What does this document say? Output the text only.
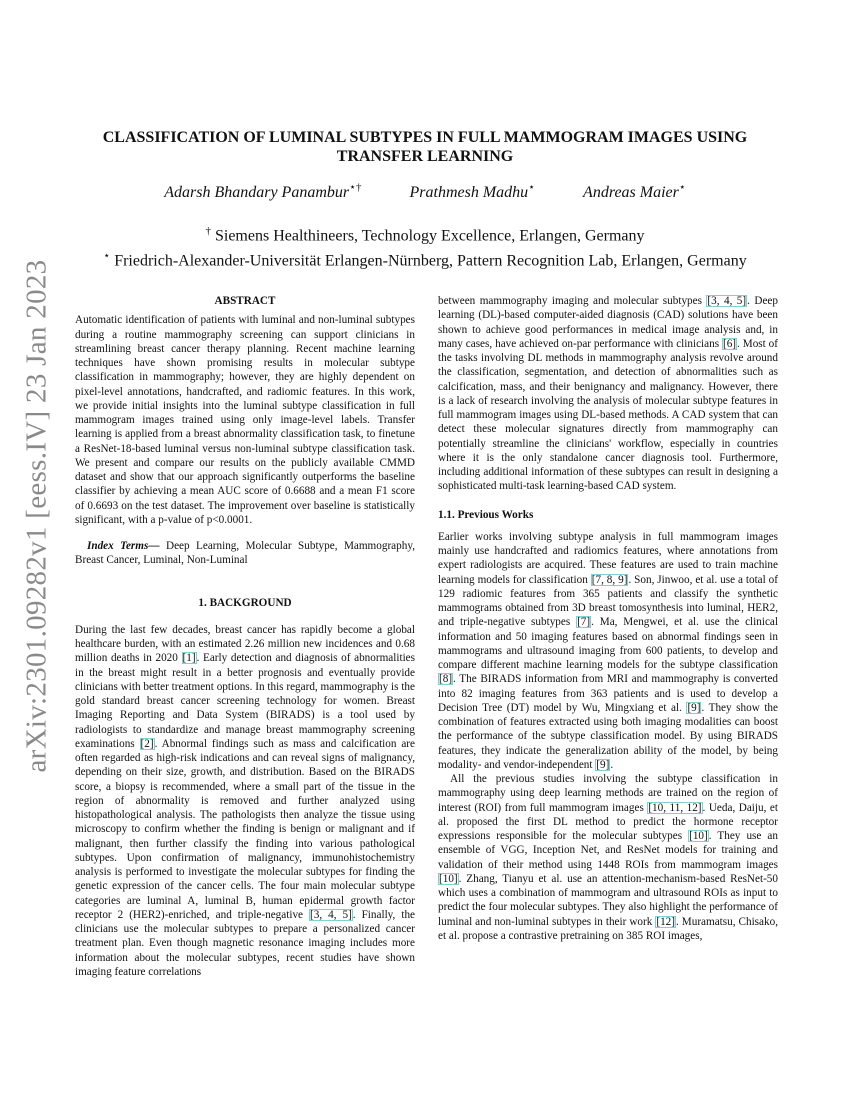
arXiv:2301.09282v1 [eess.IV] 23 Jan 2023
CLASSIFICATION OF LUMINAL SUBTYPES IN FULL MAMMOGRAM IMAGES USING TRANSFER LEARNING
Adarsh Bhandary Panambur⋆†	Prathmesh Madhu⋆	Andreas Maier⋆
† Siemens Healthineers, Technology Excellence, Erlangen, Germany
⋆ Friedrich-Alexander-Universität Erlangen-Nürnberg, Pattern Recognition Lab, Erlangen, Germany
ABSTRACT

Automatic identification of patients with luminal and non-luminal subtypes during a routine mammography screening can support clinicians in streamlining breast cancer therapy planning. Recent machine learning techniques have shown promising results in molecular subtype classification in mammography; however, they are highly dependent on pixel-level annotations, handcrafted, and radiomic features. In this work, we provide initial insights into the luminal subtype classification in full mammogram images trained using only image-level labels. Transfer learning is applied from a breast abnormality classification task, to finetune a ResNet-18-based luminal versus non-luminal subtype classification task. We present and compare our results on the publicly available CMMD dataset and show that our approach significantly outperforms the baseline classifier by achieving a mean AUC score of 0.6688 and a mean F1 score of 0.6693 on the test dataset. The improvement over baseline is statistically significant, with a p-value of p<0.0001.

Index Terms— Deep Learning, Molecular Subtype, Mammography, Breast Cancer, Luminal, Non-Luminal

1. BACKGROUND

During the last few decades, breast cancer has rapidly become a global healthcare burden, with an estimated 2.26 million new incidences and 0.68 million deaths in 2020 [1]. Early detection and diagnosis of abnormalities in the breast might result in a better prognosis and eventually provide clinicians with better treatment options. In this regard, mammography is the gold standard breast cancer screening technology for women. Breast Imaging Reporting and Data System (BIRADS) is a tool used by radiologists to standardize and manage breast mammography screening examinations [2]. Abnormal findings such as mass and calcification are often regarded as high-risk indications and can reveal signs of malignancy, depending on their size, growth, and distribution. Based on the BIRADS score, a biopsy is recommended, where a small part of the tissue in the region of abnormality is removed and further analyzed using histopathological analysis. The pathologists then analyze the tissue using microscopy to confirm whether the finding is benign or malignant and if malignant, then further classify the finding into various pathological subtypes. Upon confirmation of malignancy, immunohistochemistry analysis is performed to investigate the molecular subtypes for finding the genetic expression of the cancer cells. The four main molecular subtype categories are luminal A, luminal B, human epidermal growth factor receptor 2 (HER2)-enriched, and triple-negative [3, 4, 5]. Finally, the clinicians use the molecular subtypes to prepare a personalized cancer treatment plan. Even though magnetic resonance imaging includes more information about the molecular subtypes, recent studies have shown imaging feature correlations

between mammography imaging and molecular subtypes [3, 4, 5]. Deep learning (DL)-based computer-aided diagnosis (CAD) solutions have been shown to achieve good performances in medical image analysis and, in many cases, have achieved on-par performance with clinicians [6]. Most of the tasks involving DL methods in mammography analysis revolve around the classification, segmentation, and detection of abnormalities such as calcification, mass, and their benignancy and malignancy. However, there is a lack of research involving the analysis of molecular subtype features in full mammogram images using DL-based methods. A CAD system that can detect these molecular signatures directly from mammography can potentially streamline the clinicians' workflow, especially in countries where it is the only standalone cancer diagnosis tool. Furthermore, including additional information of these subtypes can result in designing a sophisticated multi-task learning-based CAD system.

1.1. Previous Works

Earlier works involving subtype analysis in full mammogram images mainly use handcrafted and radiomics features, where annotations from expert radiologists are acquired. These features are used to train machine learning models for classification [7, 8, 9]. Son, Jinwoo, et al. use a total of 129 radiomic features from 365 patients and classify the synthetic mammograms obtained from 3D breast tomosynthesis into luminal, HER2, and triple-negative subtypes [7]. Ma, Mengwei, et al. use the clinical information and 50 imaging features based on abnormal findings seen in mammograms and ultrasound imaging from 600 patients, to develop and compare different machine learning models for the subtype classification [8]. The BIRADS information from MRI and mammography is converted into 82 imaging features from 363 patients and is used to develop a Decision Tree (DT) model by Wu, Mingxiang et al. [9]. They show the combination of features extracted using both imaging modalities can boost the performance of the subtype classification model. By using BIRADS features, they indicate the generalization ability of the model, by being modality- and vendor-independent [9].

All the previous studies involving the subtype classification in mammography using deep learning methods are trained on the region of interest (ROI) from full mammogram images [10, 11, 12]. Ueda, Daiju, et al. proposed the first DL method to predict the hormone receptor expressions responsible for the molecular subtypes [10]. They use an ensemble of VGG, Inception Net, and ResNet models for training and validation of their method using 1448 ROIs from mammogram images [10]. Zhang, Tianyu et al. use an attention-mechanism-based ResNet-50 which uses a combination of mammogram and ultrasound ROIs as input to predict the four molecular subtypes. They also highlight the performance of luminal and non-luminal subtypes in their work [12]. Muramatsu, Chisako, et al. propose a contrastive pretraining on 385 ROI images,
